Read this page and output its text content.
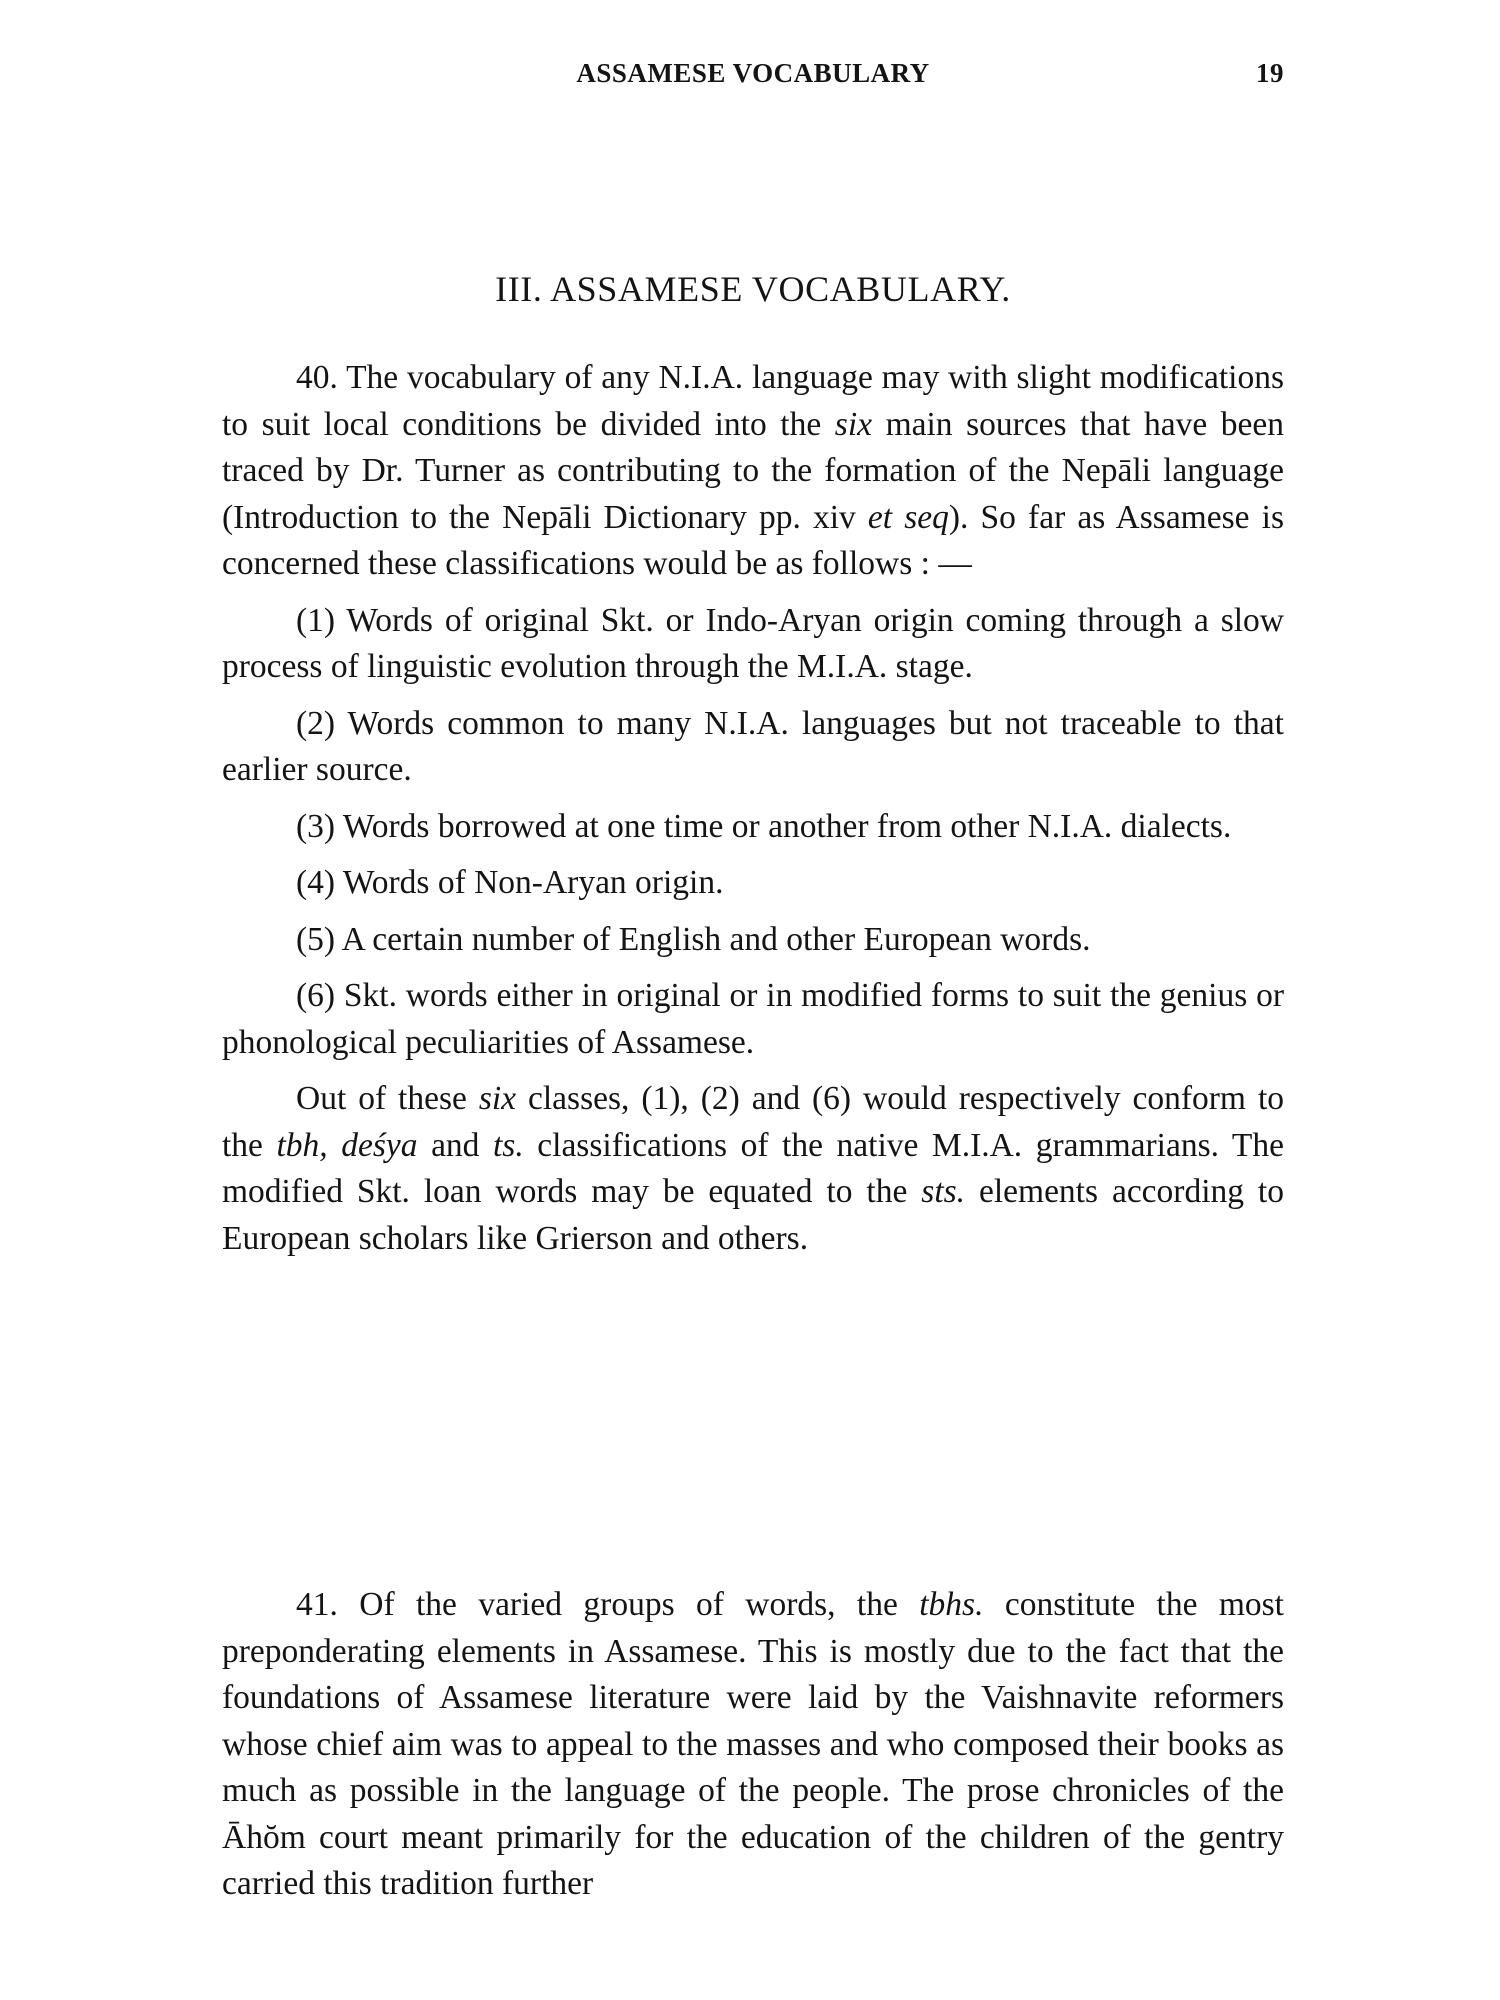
ASSAMESE VOCABULARY	19
III. ASSAMESE VOCABULARY.

40. The vocabulary of any N.I.A. language may with slight modifications to suit local conditions be divided into the six main sources that have been traced by Dr. Turner as contributing to the formation of the Nepāli language (Introduction to the Nepāli Dictionary pp. xiv et seq). So far as Assamese is concerned these classifications would be as follows : —

(1) Words of original Skt. or Indo-Aryan origin coming through a slow process of linguistic evolution through the M.I.A. stage.

(2) Words common to many N.I.A. languages but not traceable to that earlier source.

(3) Words borrowed at one time or another from other N.I.A. dialects.

(4) Words of Non-Aryan origin.

(5) A certain number of English and other European words.

(6) Skt. words either in original or in modified forms to suit the genius or phonological peculiarities of Assamese.

Out of these six classes, (1), (2) and (6) would respectively conform to the tbh, deśya and ts. classifications of the native M.I.A. grammarians. The modified Skt. loan words may be equated to the sts. elements according to European scholars like Grierson and others.

41. Of the varied groups of words, the tbhs. constitute the most preponderating elements in Assamese. This is mostly due to the fact that the foundations of Assamese literature were laid by the Vaishnavite reformers whose chief aim was to appeal to the masses and who composed their books as much as possible in the language of the people. The prose chronicles of the Āhŏm court meant primarily for the education of the children of the gentry carried this tradition further
